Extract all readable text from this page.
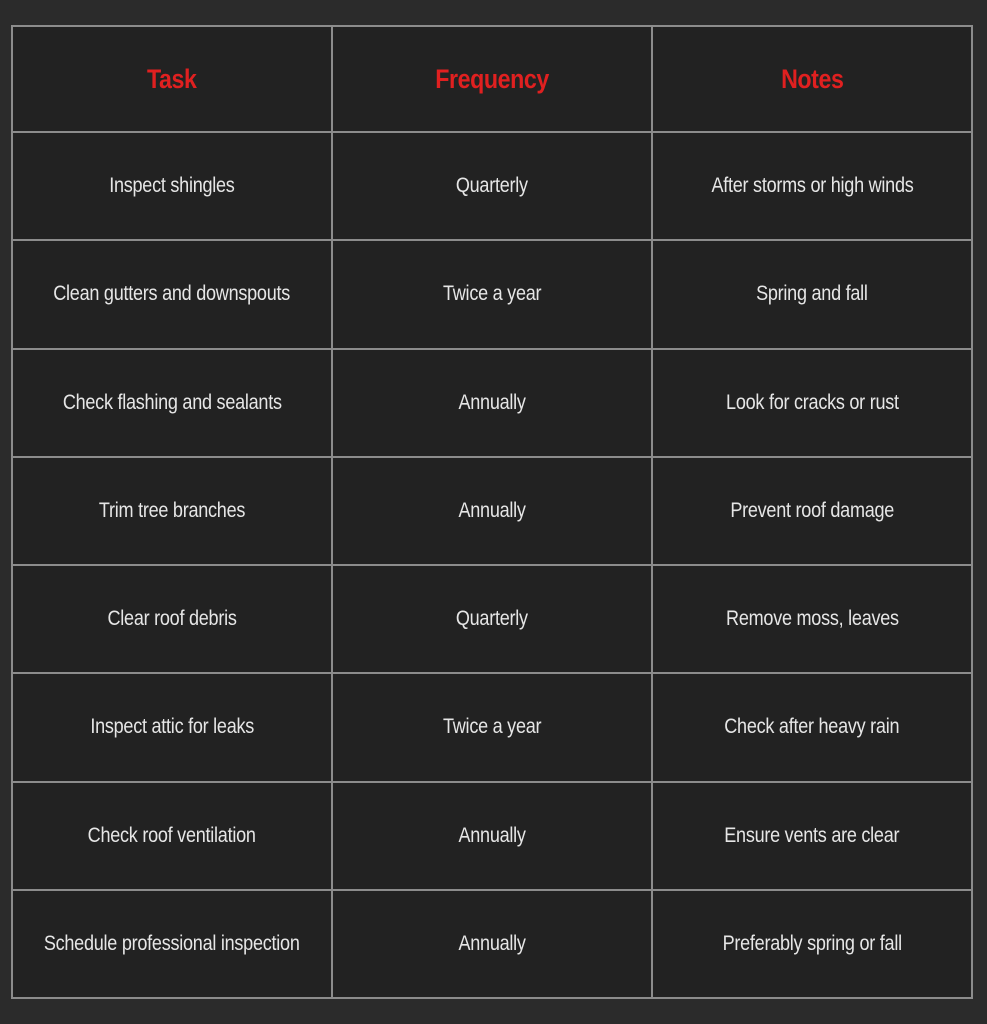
Task	Frequency	Notes
Inspect shingles	Quarterly	After storms or high winds
Clean gutters and downspouts	Twice a year	Spring and fall
Check flashing and sealants	Annually	Look for cracks or rust
Trim tree branches	Annually	Prevent roof damage
Clear roof debris	Quarterly	Remove moss, leaves
Inspect attic for leaks	Twice a year	Check after heavy rain
Check roof ventilation	Annually	Ensure vents are clear
Schedule professional inspection	Annually	Preferably spring or fall
